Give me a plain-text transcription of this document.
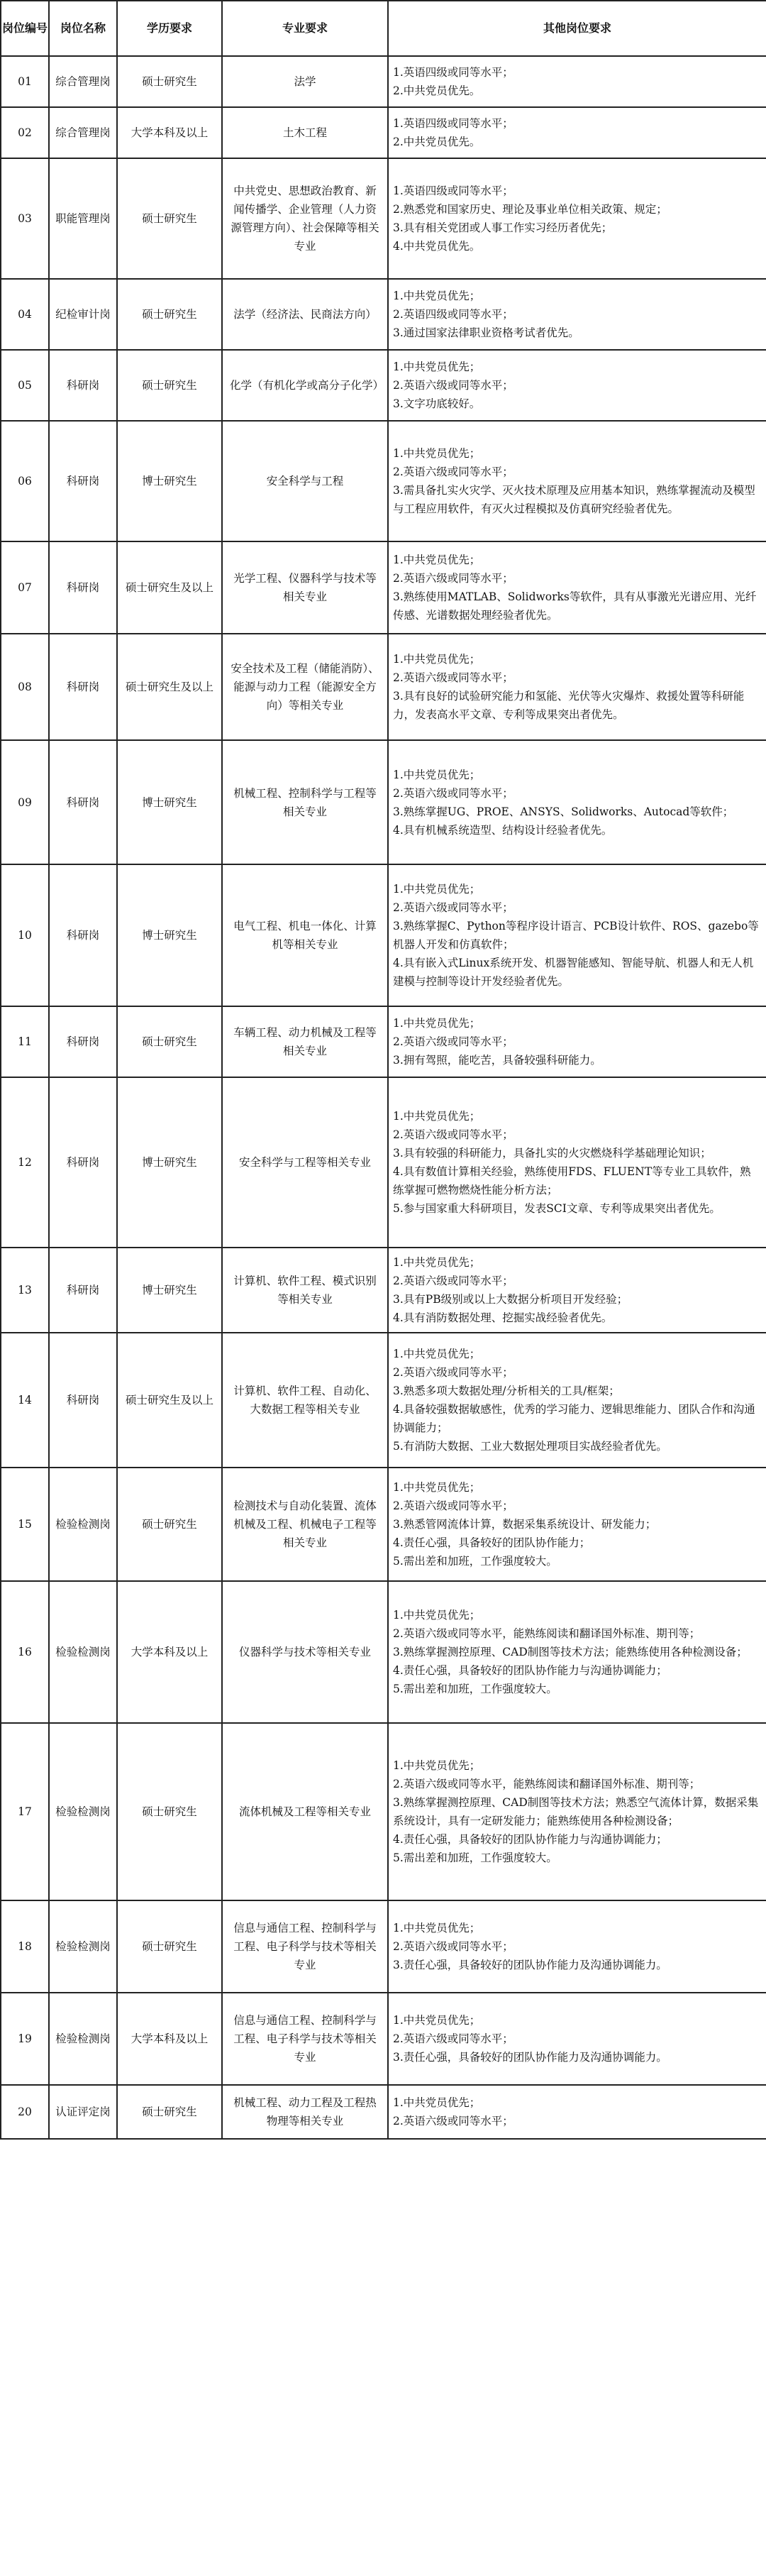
岗位编号	岗位名称	学历要求	专业要求	其他岗位要求
01	综合管理岗	硕士研究生	法学	1.英语四级或同等水平；
2.中共党员优先。

02	综合管理岗	大学本科及以上	土木工程	1.英语四级或同等水平；
2.中共党员优先。

03	职能管理岗	硕士研究生	中共党史、思想政治教育、新闻传播学、企业管理（人力资源管理方向）、社会保障等相关专业	1.英语四级或同等水平；
2.熟悉党和国家历史、理论及事业单位相关政策、规定；
3.具有相关党团或人事工作实习经历者优先；
4.中共党员优先。

04	纪检审计岗	硕士研究生	法学（经济法、民商法方向）	1.中共党员优先；
2.英语四级或同等水平；
3.通过国家法律职业资格考试者优先。

05	科研岗	硕士研究生	化学（有机化学或高分子化学）	1.中共党员优先；
2.英语六级或同等水平；
3.文字功底较好。

06	科研岗	博士研究生	安全科学与工程	1.中共党员优先；
2.英语六级或同等水平；
3.需具备扎实火灾学、灭火技术原理及应用基本知识，熟练掌握流动及模型与工程应用软件，有灭火过程模拟及仿真研究经验者优先。

07	科研岗	硕士研究生及以上	光学工程、仪器科学与技术等相关专业	1.中共党员优先；
2.英语六级或同等水平；
3.熟练使用MATLAB、Solidworks等软件，具有从事激光光谱应用、光纤传感、光谱数据处理经验者优先。

08	科研岗	硕士研究生及以上	安全技术及工程（储能消防）、能源与动力工程（能源安全方向）等相关专业	1.中共党员优先；
2.英语六级或同等水平；
3.具有良好的试验研究能力和氢能、光伏等火灾爆炸、救援处置等科研能力，发表高水平文章、专利等成果突出者优先。

09	科研岗	博士研究生	机械工程、控制科学与工程等相关专业	1.中共党员优先；
2.英语六级或同等水平；
3.熟练掌握UG、PROE、ANSYS、Solidworks、Autocad等软件；
4.具有机械系统造型、结构设计经验者优先。

10	科研岗	博士研究生	电气工程、机电一体化、计算机等相关专业	1.中共党员优先；
2.英语六级或同等水平；
3.熟练掌握C、Python等程序设计语言、PCB设计软件、ROS、gazebo等机器人开发和仿真软件；
4.具有嵌入式Linux系统开发、机器智能感知、智能导航、机器人和无人机建模与控制等设计开发经验者优先。

11	科研岗	硕士研究生	车辆工程、动力机械及工程等相关专业	1.中共党员优先；
2.英语六级或同等水平；
3.拥有驾照，能吃苦，具备较强科研能力。

12	科研岗	博士研究生	安全科学与工程等相关专业	1.中共党员优先；
2.英语六级或同等水平；
3.具有较强的科研能力，具备扎实的火灾燃烧科学基础理论知识；
4.具有数值计算相关经验，熟练使用FDS、FLUENT等专业工具软件，熟练掌握可燃物燃烧性能分析方法；
5.参与国家重大科研项目，发表SCI文章、专利等成果突出者优先。

13	科研岗	博士研究生	计算机、软件工程、模式识别等相关专业	1.中共党员优先；
2.英语六级或同等水平；
3.具有PB级别或以上大数据分析项目开发经验；
4.具有消防数据处理、挖掘实战经验者优先。

14	科研岗	硕士研究生及以上	计算机、软件工程、自动化、大数据工程等相关专业	1.中共党员优先；
2.英语六级或同等水平；
3.熟悉多项大数据处理/分析相关的工具/框架；
4.具备较强数据敏感性，优秀的学习能力、逻辑思维能力、团队合作和沟通协调能力；
5.有消防大数据、工业大数据处理项目实战经验者优先。

15	检验检测岗	硕士研究生	检测技术与自动化装置、流体机械及工程、机械电子工程等相关专业	1.中共党员优先；
2.英语六级或同等水平；
3.熟悉管网流体计算，数据采集系统设计、研发能力；
4.责任心强，具备较好的团队协作能力；
5.需出差和加班，工作强度较大。

16	检验检测岗	大学本科及以上	仪器科学与技术等相关专业	1.中共党员优先；
2.英语六级或同等水平，能熟练阅读和翻译国外标准、期刊等；
3.熟练掌握测控原理、CAD制图等技术方法；能熟练使用各种检测设备；
4.责任心强，具备较好的团队协作能力与沟通协调能力；
5.需出差和加班，工作强度较大。

17	检验检测岗	硕士研究生	流体机械及工程等相关专业	1.中共党员优先；
2.英语六级或同等水平，能熟练阅读和翻译国外标准、期刊等；
3.熟练掌握测控原理、CAD制图等技术方法；熟悉空气流体计算，数据采集系统设计，具有一定研发能力；能熟练使用各种检测设备；
4.责任心强，具备较好的团队协作能力与沟通协调能力；
5.需出差和加班，工作强度较大。

18	检验检测岗	硕士研究生	信息与通信工程、控制科学与工程、电子科学与技术等相关专业	1.中共党员优先；
2.英语六级或同等水平；
3.责任心强，具备较好的团队协作能力及沟通协调能力。

19	检验检测岗	大学本科及以上	信息与通信工程、控制科学与工程、电子科学与技术等相关专业	1.中共党员优先；
2.英语六级或同等水平；
3.责任心强，具备较好的团队协作能力及沟通协调能力。

20	认证评定岗	硕士研究生	机械工程、动力工程及工程热物理等相关专业	1.中共党员优先；
2.英语六级或同等水平；
